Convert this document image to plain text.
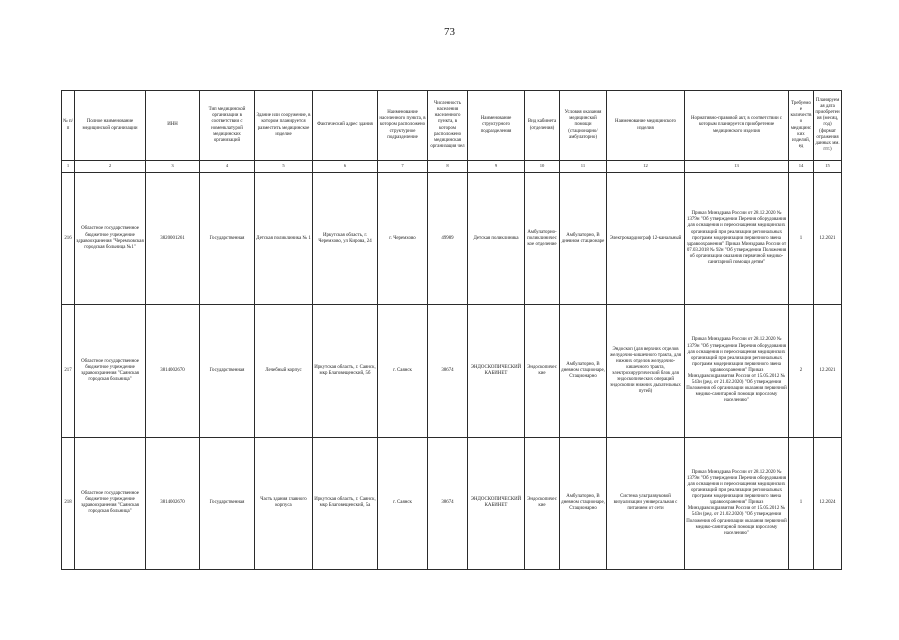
73
№ п/п	Полное наименование медицинской организации	ИНН	Тип медицинской организации в соответствии с номенклатурой медицинских организаций	Здание или сооружение, в котором планируется разместить медицинское изделие	Фактический адрес здания	Наименование населенного пункта, в котором расположено структурное подразделение	Численность населения населенного пункта, в котором расположено медицинская организация чел	Наименование структурного подразделения	Вид кабинета (отделения)	Условия оказания медицинской помощи (стационарно/амбулаторно)	Наименование медицинского изделия	Нормативно-правовой акт, в соответствии с которым планируется приобретение медицинского изделия	Требуемое количество медицинских изделий, ед	Планируемая дата приобретения (месяц, год) (формат отражения данных мм. ггг.)
1	2	3	4	5	6	7	8	9	10	11	12	13	14	15
216	Областное государственное бюджетное учреждение здравоохранения "Черемховская городская больница №1"	3820001261	Государственная	Детская поликлиника № 1	Иркутская область, г. Черемхово, ул Кирова, 24	г. Черемхово	49989	Детская поликлиника	Амбулаторно-поликлиническое отделение	Амбулаторно, В дневном стационаре	Электрокардиограф 12-канальный	Приказ Минздрава России от 28.12.2020 № 1379н "Об утверждении Перечня оборудования для оснащения и переоснащения медицинских организаций при реализации региональных программ модернизации первичного звена здравоохранения" Приказ Минздрава России от 07.03.2018 № 92н "Об утверждении Положения об организации оказания первичной медико-санитарной помощи детям"	1	12.2021
217	Областное государственное бюджетное учреждение здравоохранения "Саянская городская больница"	3814002670	Государственная	Лечебный корпус	Иркутская область, г. Саянск, мкр Благовещенский, 5б	г. Саянск	38674	ЭНДОСКОПИЧЕСКИЙ КАБИНЕТ	Эндоскопические	Амбулаторно, В дневном стационаре, Стационарно	Эндоскоп (для верхних отделов желудочно-кишечного тракта, для нижних отделов желудочно-кишечного тракта, электрохирургический блок для эндоскопических операций эндоскопии нижних дыхательных путей)	Приказ Минздрава России от 28.12.2020 № 1379н "Об утверждении Перечня оборудования для оснащения и переоснащения медицинских организаций при реализации региональных программ модернизации первичного звена здравоохранения" Приказ Минздравсоцразвития России от 15.05.2012 № 543н (ред. от 21.02.2020) "Об утверждении Положения об организации оказания первичной медико-санитарной помощи взрослому населению"	2	12.2021
218	Областное государственное бюджетное учреждение здравоохранения "Саянская городская больница"	3814002670	Государственная	Часть здания главного корпуса	Иркутская область, г. Саянск, мкр Благовещенский, 5а	г. Саянск	38674	ЭНДОСКОПИЧЕСКИЙ КАБИНЕТ	Эндоскопические	Амбулаторно, В дневном стационаре, Стационарно	Система ультразвуковой визуализации универсальная с питанием от сети	Приказ Минздрава России от 28.12.2020 № 1379н "Об утверждении Перечня оборудования для оснащения и переоснащения медицинских организаций при реализации региональных программ модернизации первичного звена здравоохранения" Приказ Минздравсоцразвития России от 15.05.2012 № 543н (ред. от 21.02.2020) "Об утверждении Положения об организации оказания первичной медико-санитарной помощи взрослому населению"	1	12.2024
